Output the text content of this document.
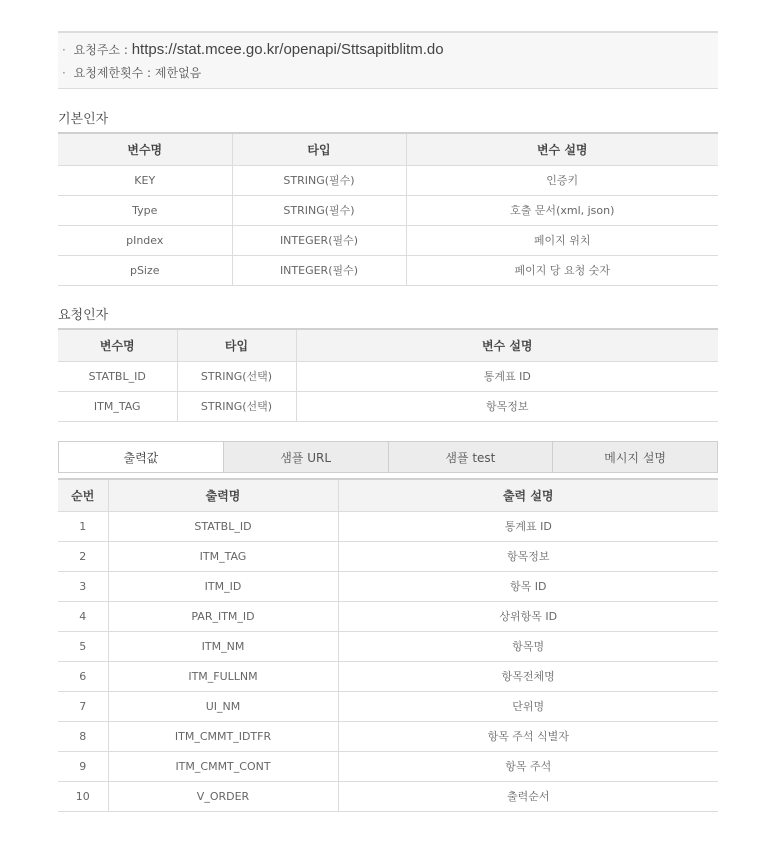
· 요청주소 : https://stat.mcee.go.kr/openapi/Sttsapitblitm.do
· 요청제한횟수 : 제한없음
기본인자
변수명	타입	변수 설명
KEY	STRING(필수)	인증키
Type	STRING(필수)	호출 문서(xml, json)
pIndex	INTEGER(필수)	페이지 위치
pSize	INTEGER(필수)	페이지 당 요청 숫자
요청인자
변수명	타입	변수 설명
STATBL_ID	STRING(선택)	통계표 ID
ITM_TAG	STRING(선택)	항목정보
출력값	샘플 URL	샘플 test	메시지 설명
순번	출력명	출력 설명
1	STATBL_ID	통계표 ID
2	ITM_TAG	항목정보
3	ITM_ID	항목 ID
4	PAR_ITM_ID	상위항목 ID
5	ITM_NM	항목명
6	ITM_FULLNM	항목전체명
7	UI_NM	단위명
8	ITM_CMMT_IDTFR	항목 주석 식별자
9	ITM_CMMT_CONT	항목 주석
10	V_ORDER	출력순서
